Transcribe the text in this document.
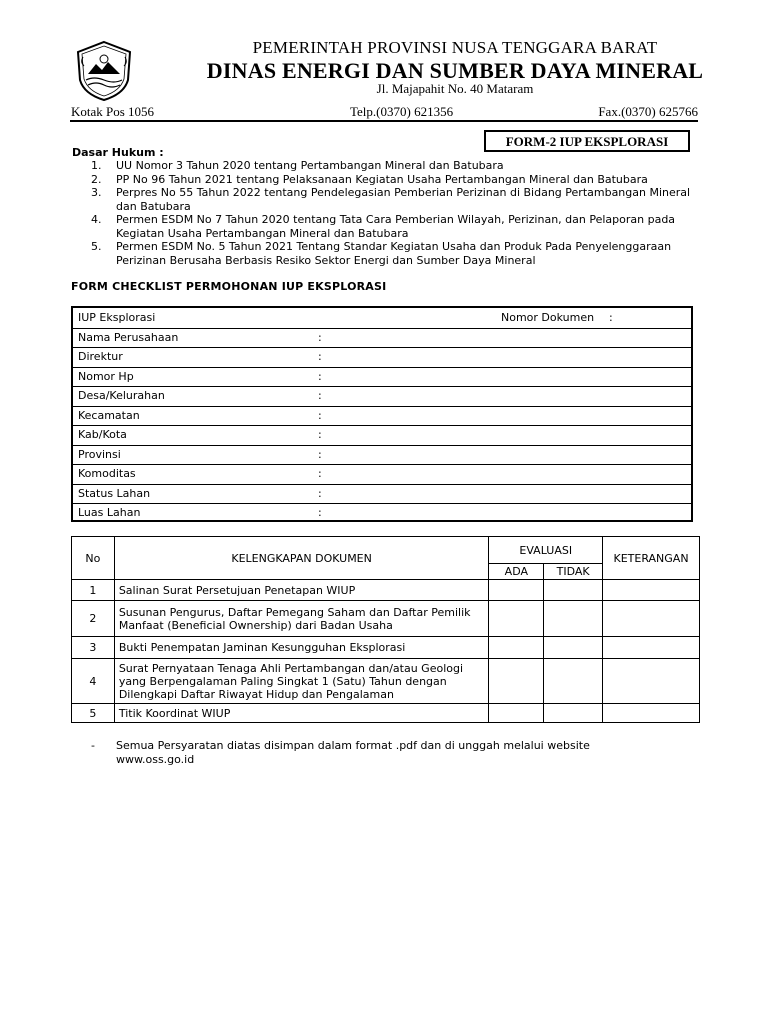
PEMERINTAH PROVINSI NUSA TENGGARA BARAT
DINAS ENERGI DAN SUMBER DAYA MINERAL
Jl. Majapahit No. 40 Mataram
Kotak Pos 1056	Telp.(0370) 621356	Fax.(0370) 625766
FORM-2 IUP EKSPLORASI
Dasar Hukum :
1. UU Nomor 3 Tahun 2020 tentang Pertambangan Mineral dan Batubara
2. PP No 96 Tahun 2021 tentang Pelaksanaan Kegiatan Usaha Pertambangan Mineral dan Batubara
3. Perpres No 55 Tahun 2022 tentang Pendelegasian Pemberian Perizinan di Bidang Pertambangan Mineral dan Batubara
4. Permen ESDM No 7 Tahun 2020 tentang Tata Cara Pemberian Wilayah, Perizinan, dan Pelaporan pada Kegiatan Usaha Pertambangan Mineral dan Batubara
5. Permen ESDM No. 5 Tahun 2021 Tentang Standar Kegiatan Usaha dan Produk Pada Penyelenggaraan Perizinan Berusaha Berbasis Resiko Sektor Energi dan Sumber Daya Mineral
FORM CHECKLIST PERMOHONAN IUP EKSPLORASI
IUP Eksplorasi	Nomor Dokumen :
Nama Perusahaan	:
Direktur	:
Nomor Hp	:
Desa/Kelurahan	:
Kecamatan	:
Kab/Kota	:
Provinsi	:
Komoditas	:
Status Lahan	:
Luas Lahan	:
No	KELENGKAPAN DOKUMEN	EVALUASI		KETERANGAN
		ADA	TIDAK	
1	Salinan Surat Persetujuan Penetapan WIUP			
2	Susunan Pengurus, Daftar Pemegang Saham dan Daftar Pemilik Manfaat (Beneficial Ownership) dari Badan Usaha			
3	Bukti Penempatan Jaminan Kesungguhan Eksplorasi			
4	Surat Pernyataan Tenaga Ahli Pertambangan dan/atau Geologi yang Berpengalaman Paling Singkat 1 (Satu) Tahun dengan Dilengkapi Daftar Riwayat Hidup dan Pengalaman			
5	Titik Koordinat WIUP			
- Semua Persyaratan diatas disimpan dalam format .pdf dan di unggah melalui website www.oss.go.id
